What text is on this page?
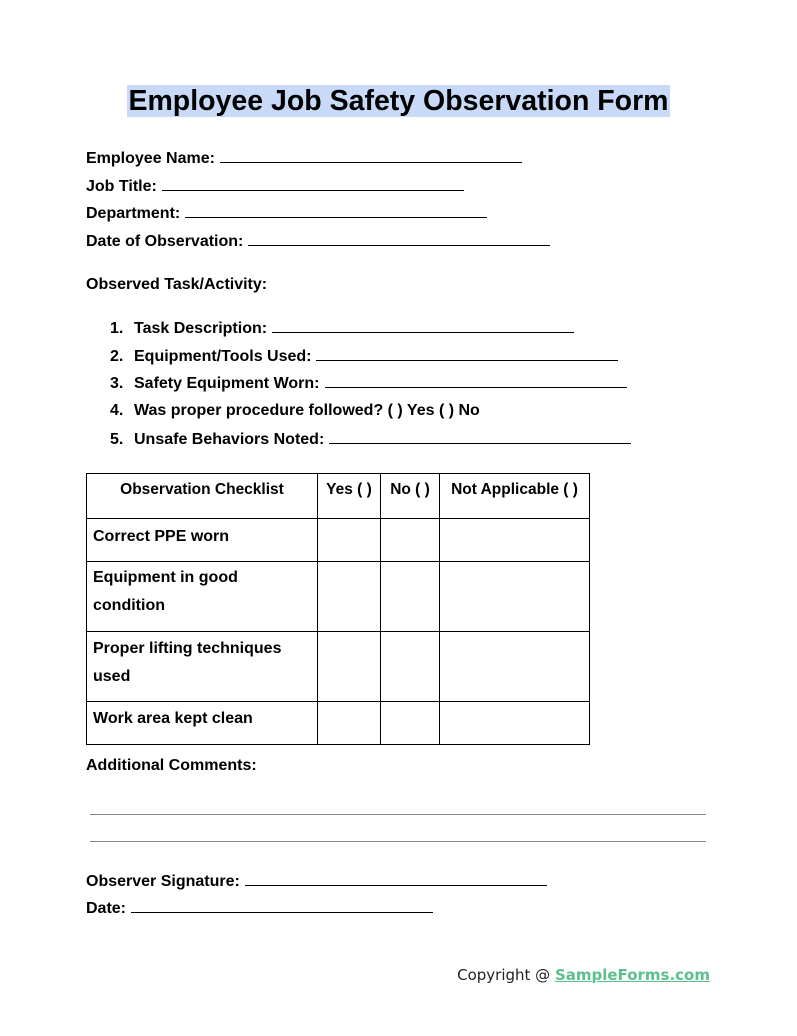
Employee Job Safety Observation Form
Employee Name:
Job Title:
Department:
Date of Observation:
Observed Task/Activity:
1. Task Description:
2. Equipment/Tools Used:
3. Safety Equipment Worn:
4. Was proper procedure followed? ( ) Yes ( ) No
5. Unsafe Behaviors Noted:
Observation Checklist	Yes ( )	No ( )	Not Applicable ( )
Correct PPE worn			
Equipment in good condition			
Proper lifting techniques used			
Work area kept clean			
Additional Comments:
Observer Signature:
Date:
Copyright @ SampleForms.com
